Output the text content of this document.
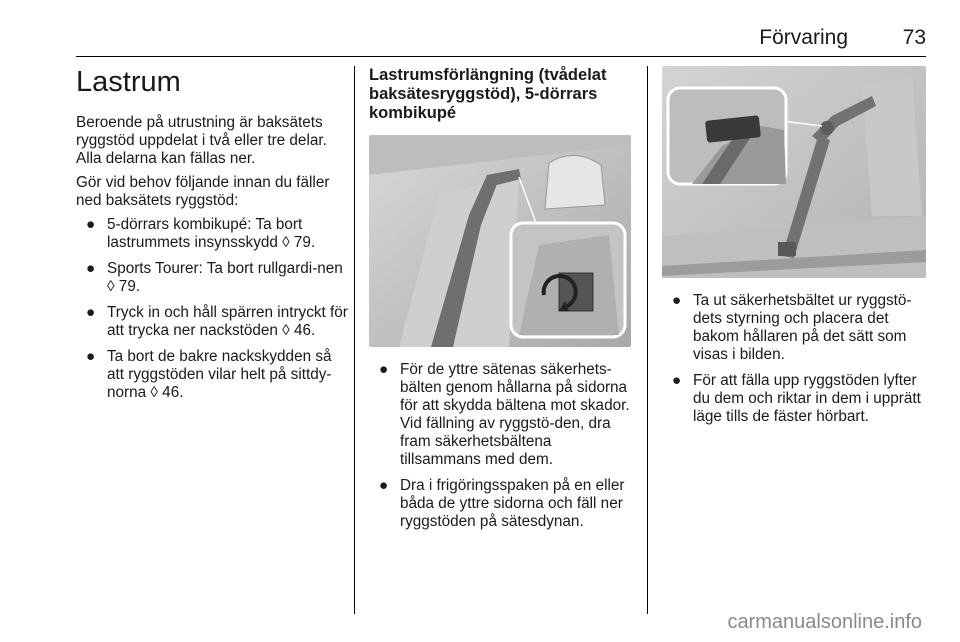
Förvaring	73
Lastrum

Beroende på utrustning är baksätets ryggstöd uppdelat i två eller tre delar. Alla delarna kan fällas ner.

Gör vid behov följande innan du fäller ned baksätets ryggstöd:

● 5-dörrars kombikupé: Ta bort lastrummets insynsskydd ◊ 79.
● Sports Tourer: Ta bort rullgardi-nen ◊ 79.
● Tryck in och håll spärren intryckt för att trycka ner nackstöden ◊ 46.
● Ta bort de bakre nackskydden så att ryggstöden vilar helt på sittdy-norna ◊ 46.
Lastrumsförlängning (tvådelat baksätesryggstöd), 5-dörrars kombikupé
● För de yttre sätenas säkerhets-bälten genom hållarna på sidorna för att skydda bältena mot skador. Vid fällning av ryggstö-den, dra fram säkerhetsbältena tillsammans med dem.
● Dra i frigöringsspaken på en eller båda de yttre sidorna och fäll ner ryggstöden på sätesdynan.
● Ta ut säkerhetsbältet ur ryggstö-dets styrning och placera det bakom hållaren på det sätt som visas i bilden.
● För att fälla upp ryggstöden lyfter du dem och riktar in dem i upprätt läge tills de fäster hörbart.
carmanualsonline.info
